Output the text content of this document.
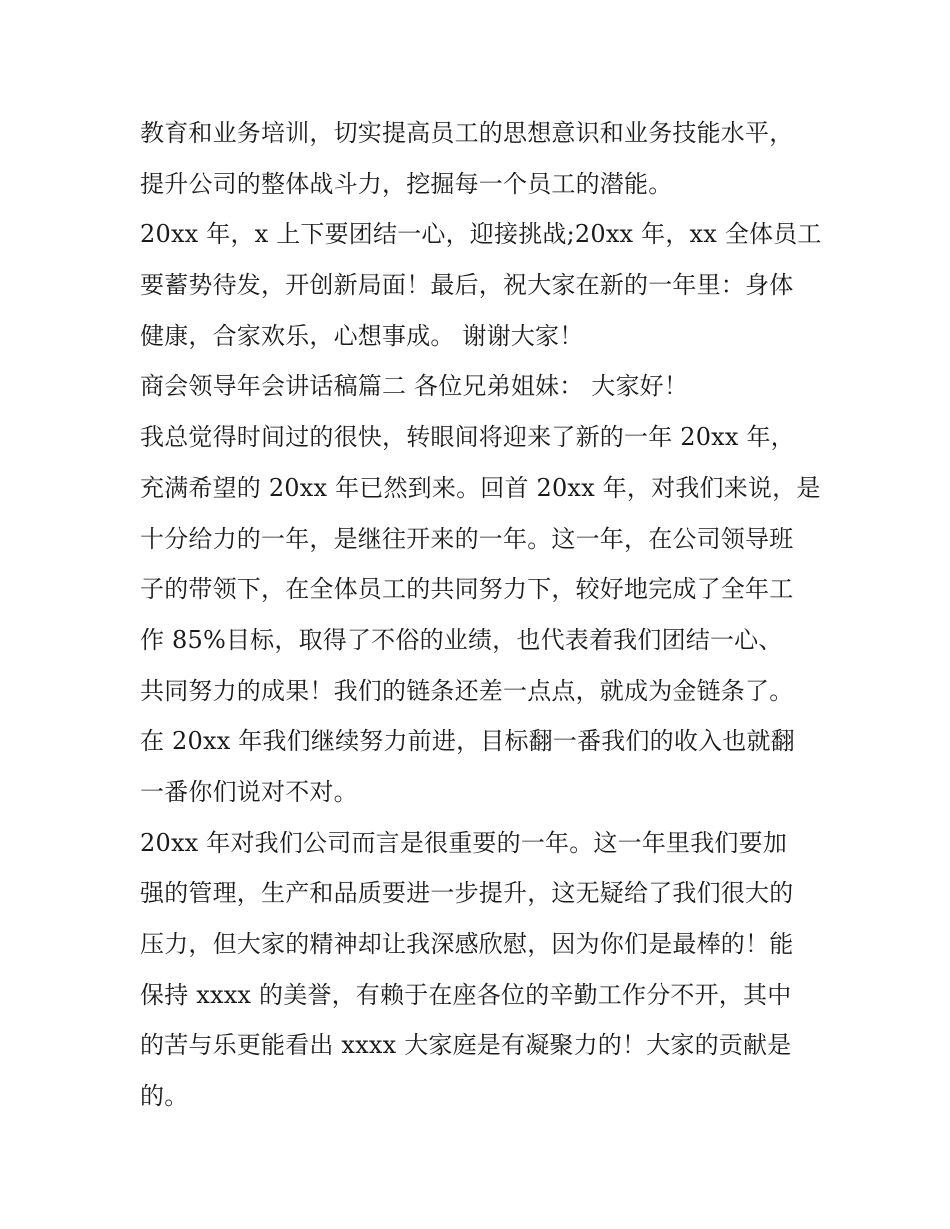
教育和业务培训，切实提高员工的思想意识和业务技能水平，
提升公司的整体战斗力，挖掘每一个员工的潜能。
20xx 年，x 上下要团结一心，迎接挑战;20xx 年，xx 全体员工
要蓄势待发，开创新局面！最后，祝大家在新的一年里：身体
健康，合家欢乐，心想事成。 谢谢大家！
商会领导年会讲话稿篇二 各位兄弟姐妹： 大家好！
我总觉得时间过的很快，转眼间将迎来了新的一年 20xx 年，
充满希望的 20xx 年已然到来。回首 20xx 年，对我们来说，是
十分给力的一年，是继往开来的一年。这一年，在公司领导班
子的带领下，在全体员工的共同努力下，较好地完成了全年工
作 85%目标，取得了不俗的业绩，也代表着我们团结一心、
共同努力的成果！我们的链条还差一点点，就成为金链条了。
在 20xx 年我们继续努力前进，目标翻一番我们的收入也就翻
一番你们说对不对。
20xx 年对我们公司而言是很重要的一年。这一年里我们要加
强的管理，生产和品质要进一步提升，这无疑给了我们很大的
压力，但大家的精神却让我深感欣慰，因为你们是最棒的！能
保持 xxxx 的美誉，有赖于在座各位的辛勤工作分不开，其中
的苦与乐更能看出 xxxx 大家庭是有凝聚力的！大家的贡献是
的。
